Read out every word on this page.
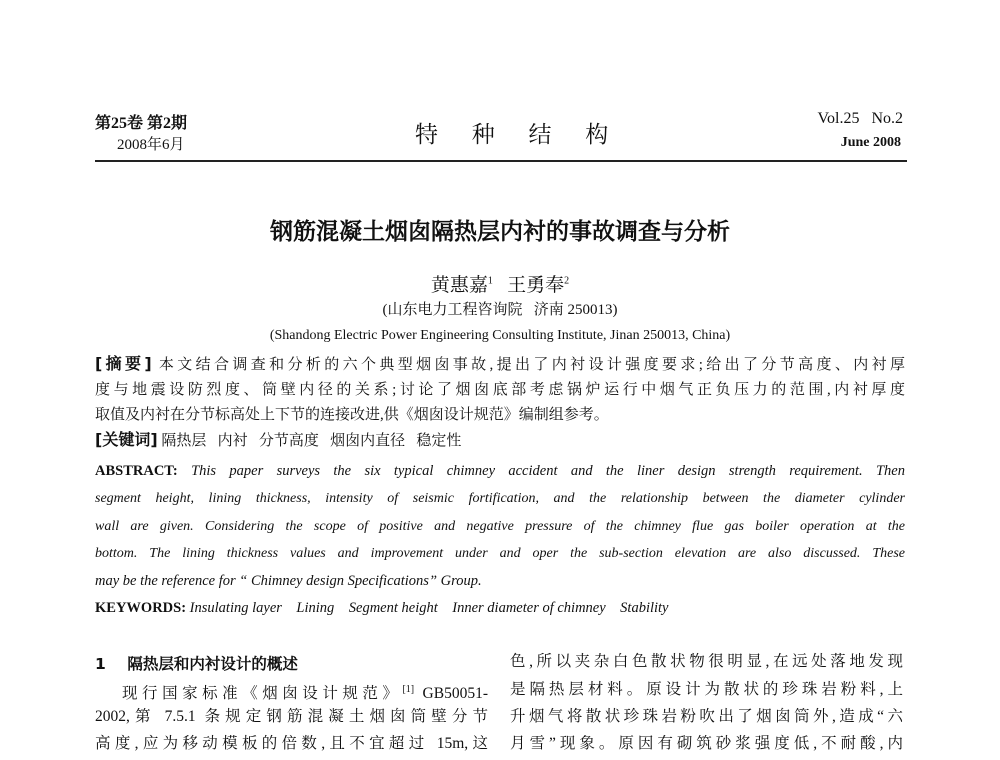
第25卷 第2期
2008年6月	特 种 结 构
Vol.25   No.2
June 2008
钢筋混凝土烟囱隔热层内衬的事故调查与分析
黄惠嘉$^1$ 王勇奉$^2$
(山东电力工程咨询院   济南 250013)
(Shandong Electric Power Engineering Consulting Institute, Jinan 250013, China)
[摘要] 本文结合调查和分析的六个典型烟囱事故,提出了内衬设计强度要求;给出了分节高度、内衬厚
度与地震设防烈度、筒壁内径的关系;讨论了烟囱底部考虑锅炉运行中烟气正负压力的范围,内衬厚度
取值及内衬在分节标高处上下节的连接改进,供《烟囱设计规范》编制组参考。
[关键词] 隔热层   内衬   分节高度   烟囱内直径   稳定性
ABSTRACT: This paper surveys the six typical chimney accident and the liner design strength requirement. Then
segment height, lining thickness, intensity of seismic fortification, and the relationship between the diameter cylinder
wall are given. Considering the scope of positive and negative pressure of the chimney flue gas boiler operation at the
bottom. The lining thickness values and improvement under and oper the sub-section elevation are also discussed. These
may be the reference for “ Chimney design Specifications” Group.
KEYWORDS: Insulating layer    Lining    Segment height    Inner diameter of chimney    Stability
1 隔热层和内衬设计的概述
现行国家标准《烟囱设计规范》[1] GB50051-
2002,第 7.5.1 条规定钢筋混凝土烟囱筒壁分节
高度,应为移动模板的倍数,且不宜超过 15m,这
色,所以夹杂白色散状物很明显,在远处落地发现
是隔热层材料。原设计为散状的珍珠岩粉料,上
升烟气将散状珍珠岩粉吹出了烟囱筒外,造成“六
月雪”现象。原因有砌筑砂浆强度低,不耐酸,内
